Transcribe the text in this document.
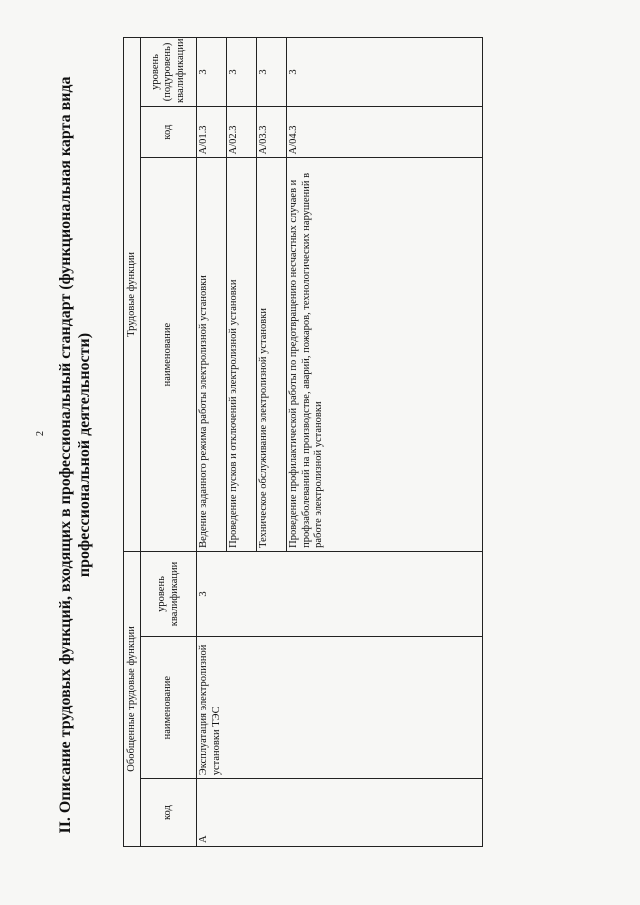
2 II. Описание трудовых функций, входящих в профессиональный стандарт (функциональная карта вида профессиональной деятельности)
Обобщенные трудовые функции			Трудовые функции		
код	наименование	уровень квалификации	наименование	код	уровень (подуровень) квалификации
А	Эксплуатация электролизной установки ТЭС	3	Ведение заданного режима работы электролизной установки	A/01.3	3
			Проведение пусков и отключений электролизной установки	A/02.3	3
			Техническое обслуживание электролизной установки	A/03.3	3
			Проведение профилактической работы по предотвращению несчастных случаев и профзаболеваний на производстве, аварий, пожаров, технологических нарушений в работе электролизной установки	A/04.3	3
